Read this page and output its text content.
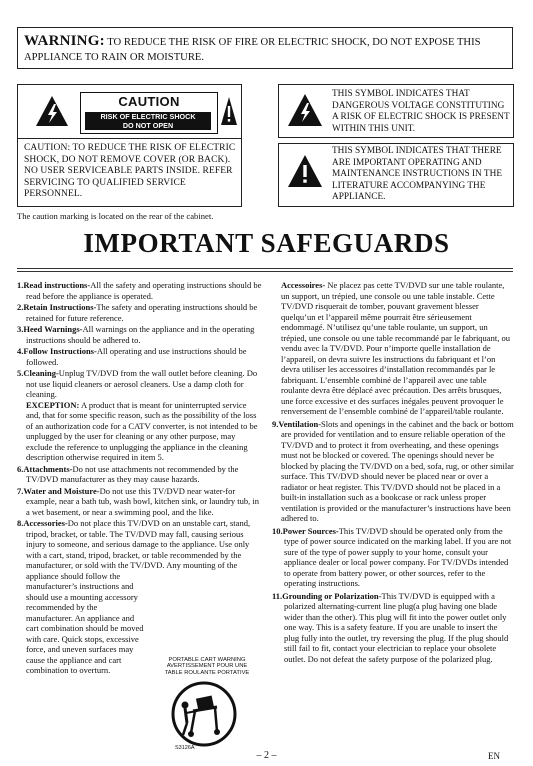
WARNING: TO REDUCE THE RISK OF FIRE OR ELECTRIC SHOCK, DO NOT EXPOSE THIS APPLIANCE TO RAIN OR MOISTURE.
CAUTION
RISK OF ELECTRIC SHOCK
DO NOT OPEN
CAUTION: TO REDUCE THE RISK OF ELECTRIC SHOCK, DO NOT REMOVE COVER (OR BACK). NO USER SERVICEABLE PARTS INSIDE. REFER SERVICING TO QUALIFIED SERVICE PERSONNEL.
THIS SYMBOL INDICATES THAT DANGEROUS VOLTAGE CONSTITUTING A RISK OF ELECTRIC SHOCK IS PRESENT WITHIN THIS UNIT.
THIS SYMBOL INDICATES THAT THERE ARE IMPORTANT OPERATING AND MAINTENANCE INSTRUCTIONS IN THE LITERATURE ACCOMPANYING THE APPLIANCE.
The caution marking is located on the rear of the cabinet.
IMPORTANT SAFEGUARDS

1.Read instructions-All the safety and operating instructions should be read before the appliance is operated.

2.Retain Instructions-The safety and operating instructions should be retained for future reference.

3.Heed Warnings-All warnings on the appliance and in the operating instructions should be adhered to.

4.Follow Instructions-All operating and use instructions should be followed.

5.Cleaning-Unplug TV/DVD from the wall outlet before cleaning. Do not use liquid cleaners or aerosol cleaners. Use a damp cloth for cleaning.

EXCEPTION: A product that is meant for uninterrupted service and, that for some specific reason, such as the possibility of the loss of an authorization code for a CATV converter, is not intended to be unplugged by the user for cleaning or any other purpose, may exclude the reference to unplugging the appliance in the cleaning description otherwise required in item 5.

6.Attachments-Do not use attachments not recommended by the TV/DVD manufacturer as they may cause hazards.

7.Water and Moisture-Do not use this TV/DVD near water-for example, near a bath tub, wash bowl, kitchen sink, or laundry tub, in a wet basement, or near a swimming pool, and the like.

8.Accessories-Do not place this TV/DVD on an unstable cart, stand, tripod, bracket, or table. The TV/DVD may fall, causing serious injury to someone, and serious damage to the appliance. Use only with a cart, stand, tripod, bracket, or table recommended by the manufacturer, or sold with the TV/DVD. Any mounting of the

appliance should follow the manufacturer’s instructions and should use a mounting accessory recommended by the manufacturer. An appliance and cart combination should be moved with care. Quick stops, excessive force, and uneven surfaces may cause the appliance and cart combination to overturn.
PORTABLE CART WARNING
AVERTISSEMENT POUR UNE
TABLE ROULANTE PORTATIVE
S3126A

Accessoires- Ne placez pas cette TV/DVD sur une table roulante, un support, un trépied, une console ou une table instable. Cette TV/DVD risquerait de tomber, pouvant gravement blesser quelqu’un et l’appareil même pourrait être sérieusement endommagé. N’utilisez qu’une table roulante, un support, un trépied, une console ou une table recommandé par le fabriquant, ou vendu avec la TV/DVD. Pour n’importe quelle installation de l’appareil, on devra suivre les instructions du fabriquant et l’on devra utiliser les accessoires d’installation recommandés par le fabriquant. L’ensemble combiné de l’appareil avec une table roulante devra être déplacé avec précaution. Des arrêts brusques, une force excessive et des surfaces inégales peuvent provoquer le renversement de l’ensemble combiné de l’appareil/table roulante.

9.Ventilation-Slots and openings in the cabinet and the back or bottom are provided for ventilation and to ensure reliable operation of the TV/DVD and to protect it from overheating, and these openings must not be blocked or covered. The openings should never be blocked by placing the TV/DVD on a bed, sofa, rug, or other similar surface. This TV/DVD should never be placed near or over a radiator or heat register. This TV/DVD should not be placed in a built-in installation such as a bookcase or rack unless proper ventilation is provided or the manufacturer’s instructions have been adhered to.

10.Power Sources-This TV/DVD should be operated only from the type of power source indicated on the marking label. If you are not sure of the type of power supply to your home, consult your appliance dealer or local power company. For TV/DVDs intended to operate from battery power, or other sources, refer to the operating instructions.

11.Grounding or Polarization-This TV/DVD is equipped with a polarized alternating-current line plug(a plug having one blade wider than the other). This plug will fit into the power outlet only one way. This is a safety feature. If you are unable to insert the plug fully into the outlet, try reversing the plug. If the plug should still fail to fit, contact your electrician to replace your obsolete outlet. Do not defeat the safety purpose of the polarized plug.

– 2 –	EN
